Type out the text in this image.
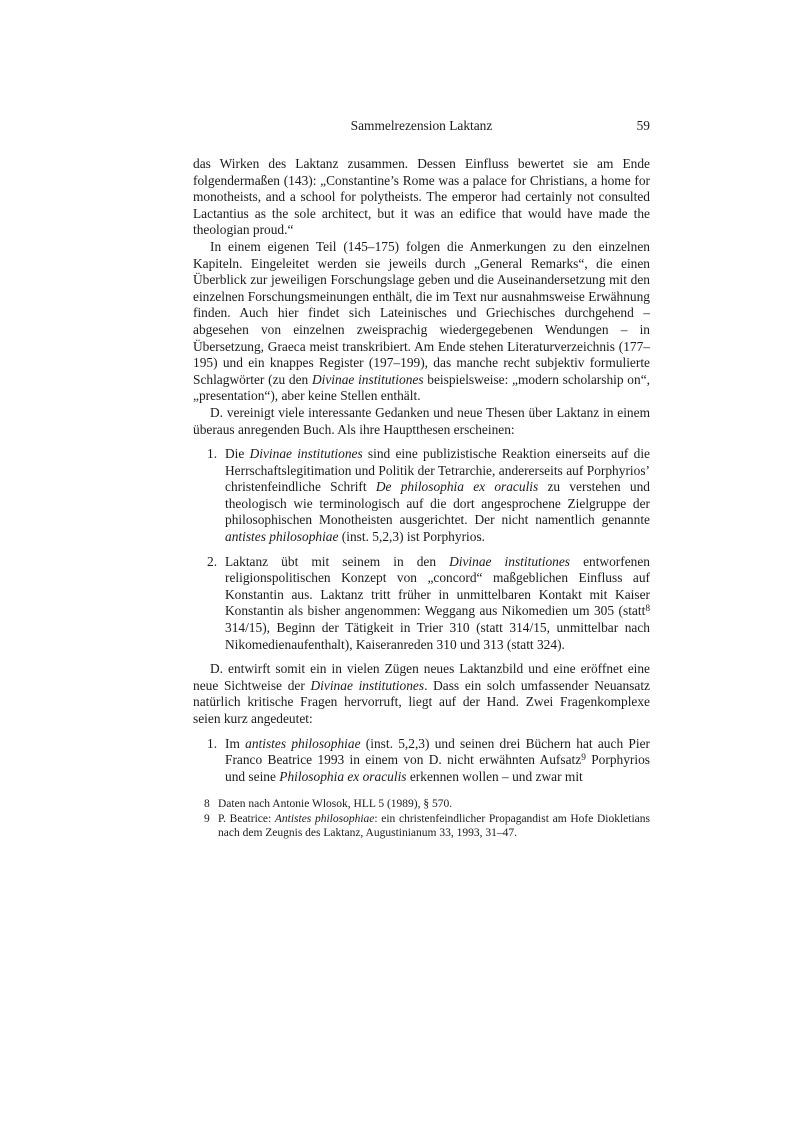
Sammelrezension Laktanz	59

das Wirken des Laktanz zusammen. Dessen Einfluss bewertet sie am Ende folgendermaßen (143): „Constantine’s Rome was a palace for Christians, a home for monotheists, and a school for polytheists. The emperor had certainly not consulted Lactantius as the sole architect, but it was an edifice that would have made the theologian proud.“

In einem eigenen Teil (145–175) folgen die Anmerkungen zu den einzelnen Kapiteln. Eingeleitet werden sie jeweils durch „General Remarks“, die einen Überblick zur jeweiligen Forschungslage geben und die Auseinandersetzung mit den einzelnen Forschungsmeinungen enthält, die im Text nur ausnahmsweise Erwähnung finden. Auch hier findet sich Lateinisches und Griechisches durchgehend – abgesehen von einzelnen zweisprachig wiedergegebenen Wendungen – in Übersetzung, Graeca meist transkribiert. Am Ende stehen Literaturverzeichnis (177–195) und ein knappes Register (197–199), das manche recht subjektiv formulierte Schlagwörter (zu den Divinae institutiones beispielsweise: „modern scholarship on“, „presentation“), aber keine Stellen enthält.

D. vereinigt viele interessante Gedanken und neue Thesen über Laktanz in einem überaus anregenden Buch. Als ihre Hauptthesen erscheinen:

1. Die Divinae institutiones sind eine publizistische Reaktion einerseits auf die Herrschaftslegitimation und Politik der Tetrarchie, andererseits auf Porphyrios’ christenfeindliche Schrift De philosophia ex oraculis zu verstehen und theologisch wie terminologisch auf die dort angesprochene Zielgruppe der philosophischen Monotheisten ausgerichtet. Der nicht namentlich genannte antistes philosophiae (inst. 5,2,3) ist Porphyrios.
2. Laktanz übt mit seinem in den Divinae institutiones entworfenen religionspolitischen Konzept von „concord“ maßgeblichen Einfluss auf Konstantin aus. Laktanz tritt früher in unmittelbaren Kontakt mit Kaiser Konstantin als bisher angenommen: Weggang aus Nikomedien um 305 (statt$^8$ 314/15), Beginn der Tätigkeit in Trier 310 (statt 314/15, unmittelbar nach Nikomedienaufenthalt), Kaiseranreden 310 und 313 (statt 324).

D. entwirft somit ein in vielen Zügen neues Laktanzbild und eine eröffnet eine neue Sichtweise der Divinae institutiones. Dass ein solch umfassender Neuansatz natürlich kritische Fragen hervorruft, liegt auf der Hand. Zwei Fragenkomplexe seien kurz angedeutet:

1. Im antistes philosophiae (inst. 5,2,3) und seinen drei Büchern hat auch Pier Franco Beatrice 1993 in einem von D. nicht erwähnten Aufsatz$^9$ Porphyrios und seine Philosophia ex oraculis erkennen wollen – und zwar mit
8 Daten nach Antonie Wlosok, HLL 5 (1989), § 570.
9 P. Beatrice: Antistes philosophiae: ein christenfeindlicher Propagandist am Hofe Diokletians nach dem Zeugnis des Laktanz, Augustinianum 33, 1993, 31–47.
